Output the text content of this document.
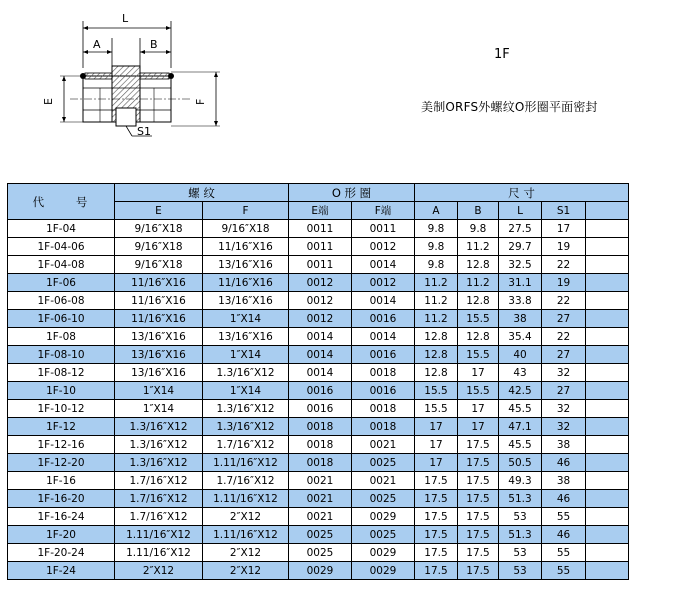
L
A	B
E	F
S1
1F
美制ORFS外螺纹O形圈平面密封
代 号	螺 纹		O 形 圈		尺 寸				
	E	F	E端	F端	A	B	L	S1	
1F-04	9/16″X18	9/16″X18	0011	0011	9.8	9.8	27.5	17	
1F-04-06	9/16″X18	11/16″X16	0011	0012	9.8	11.2	29.7	19	
1F-04-08	9/16″X18	13/16″X16	0011	0014	9.8	12.8	32.5	22	
1F-06	11/16″X16	11/16″X16	0012	0012	11.2	11.2	31.1	19	
1F-06-08	11/16″X16	13/16″X16	0012	0014	11.2	12.8	33.8	22	
1F-06-10	11/16″X16	1″X14	0012	0016	11.2	15.5	38	27	
1F-08	13/16″X16	13/16″X16	0014	0014	12.8	12.8	35.4	22	
1F-08-10	13/16″X16	1″X14	0014	0016	12.8	15.5	40	27	
1F-08-12	13/16″X16	1.3/16″X12	0014	0018	12.8	17	43	32	
1F-10	1″X14	1″X14	0016	0016	15.5	15.5	42.5	27	
1F-10-12	1″X14	1.3/16″X12	0016	0018	15.5	17	45.5	32	
1F-12	1.3/16″X12	1.3/16″X12	0018	0018	17	17	47.1	32	
1F-12-16	1.3/16″X12	1.7/16″X12	0018	0021	17	17.5	45.5	38	
1F-12-20	1.3/16″X12	1.11/16″X12	0018	0025	17	17.5	50.5	46	
1F-16	1.7/16″X12	1.7/16″X12	0021	0021	17.5	17.5	49.3	38	
1F-16-20	1.7/16″X12	1.11/16″X12	0021	0025	17.5	17.5	51.3	46	
1F-16-24	1.7/16″X12	2″X12	0021	0029	17.5	17.5	53	55	
1F-20	1.11/16″X12	1.11/16″X12	0025	0025	17.5	17.5	51.3	46	
1F-20-24	1.11/16″X12	2″X12	0025	0029	17.5	17.5	53	55	
1F-24	2″X12	2″X12	0029	0029	17.5	17.5	53	55	
